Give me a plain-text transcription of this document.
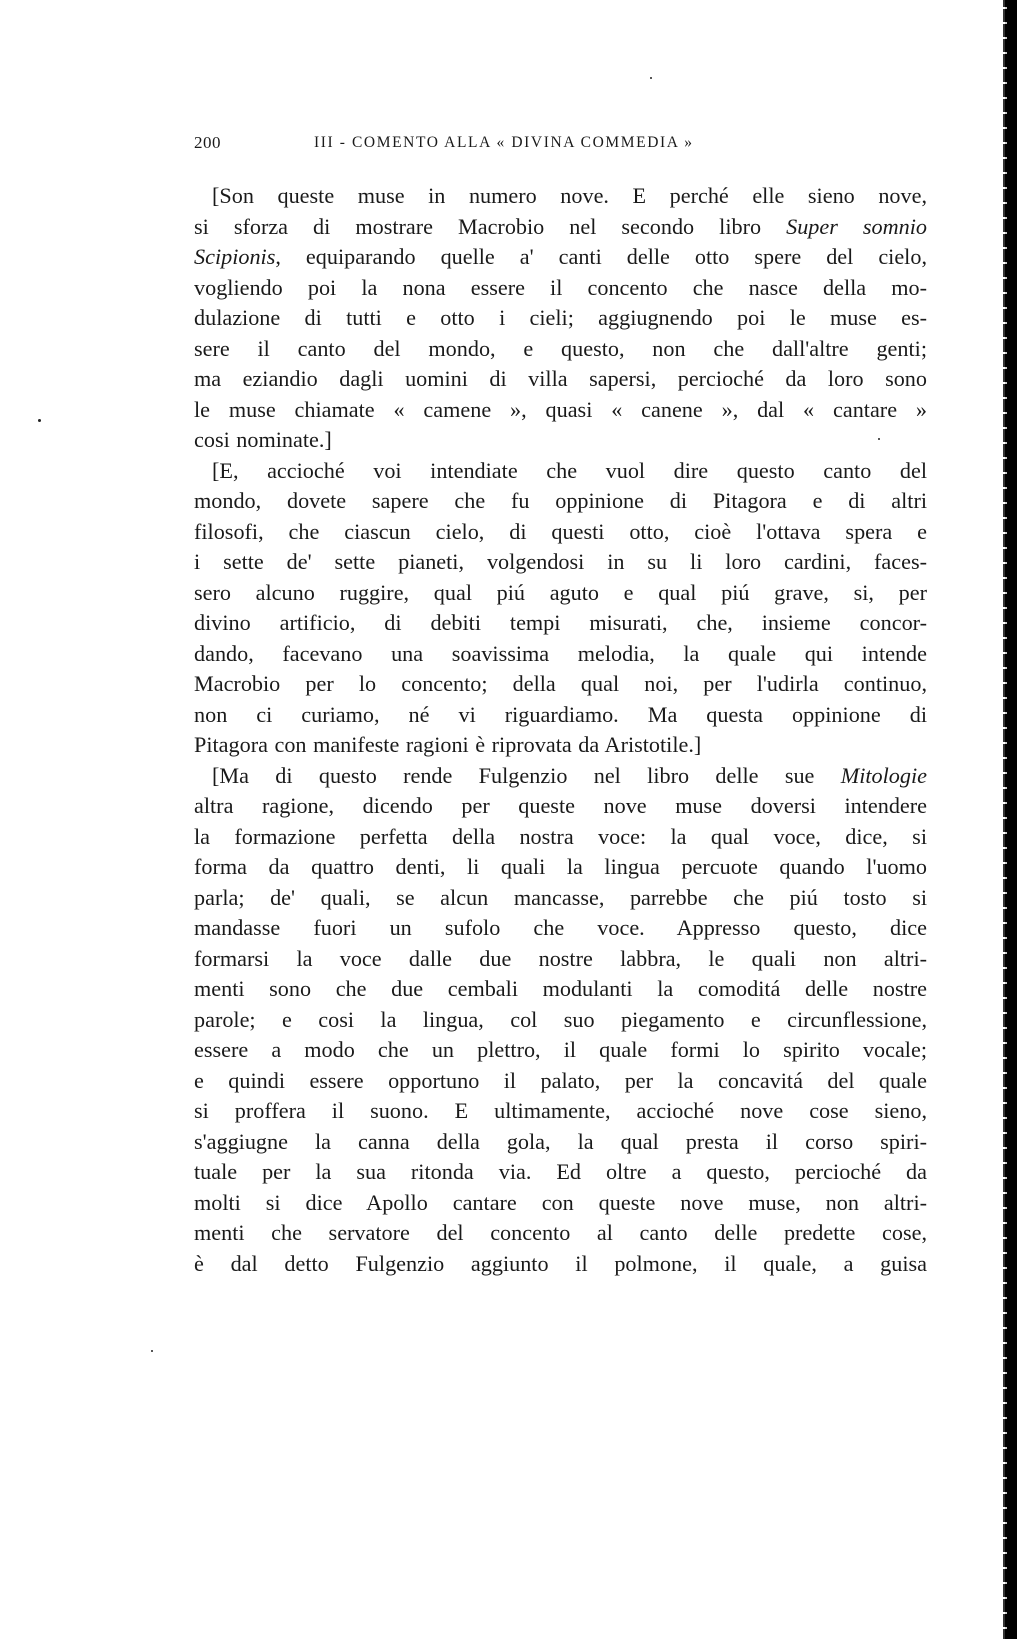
200	III - COMENTO ALLA « DIVINA COMMEDIA »
[Son queste muse in numero nove. E perché elle sieno nove,
si sforza di mostrare Macrobio nel secondo libro Super somnio
Scipionis, equiparando quelle a' canti delle otto spere del cielo,
vogliendo poi la nona essere il concento che nasce della mo-
dulazione di tutti e otto i cieli; aggiugnendo poi le muse es-
sere il canto del mondo, e questo, non che dall'altre genti;
ma eziandio dagli uomini di villa sapersi, percioché da loro sono
le muse chiamate « camene », quasi « canene », dal « cantare »
cosi nominate.]
[E, accioché voi intendiate che vuol dire questo canto del
mondo, dovete sapere che fu oppinione di Pitagora e di altri
filosofi, che ciascun cielo, di questi otto, cioè l'ottava spera e
i sette de' sette pianeti, volgendosi in su li loro cardini, faces-
sero alcuno ruggire, qual piú aguto e qual piú grave, si, per
divino artificio, di debiti tempi misurati, che, insieme concor-
dando, facevano una soavissima melodia, la quale qui intende
Macrobio per lo concento; della qual noi, per l'udirla continuo,
non ci curiamo, né vi riguardiamo. Ma questa oppinione di
Pitagora con manifeste ragioni è riprovata da Aristotile.]
[Ma di questo rende Fulgenzio nel libro delle sue Mitologie
altra ragione, dicendo per queste nove muse doversi intendere
la formazione perfetta della nostra voce: la qual voce, dice, si
forma da quattro denti, li quali la lingua percuote quando l'uomo
parla; de' quali, se alcun mancasse, parrebbe che piú tosto si
mandasse fuori un sufolo che voce. Appresso questo, dice
formarsi la voce dalle due nostre labbra, le quali non altri-
menti sono che due cembali modulanti la comoditá delle nostre
parole; e cosi la lingua, col suo piegamento e circunflessione,
essere a modo che un plettro, il quale formi lo spirito vocale;
e quindi essere opportuno il palato, per la concavitá del quale
si proffera il suono. E ultimamente, accioché nove cose sieno,
s'aggiugne la canna della gola, la qual presta il corso spiri-
tuale per la sua ritonda via. Ed oltre a questo, percioché da
molti si dice Apollo cantare con queste nove muse, non altri-
menti che servatore del concento al canto delle predette cose,
è dal detto Fulgenzio aggiunto il polmone, il quale, a guisa
